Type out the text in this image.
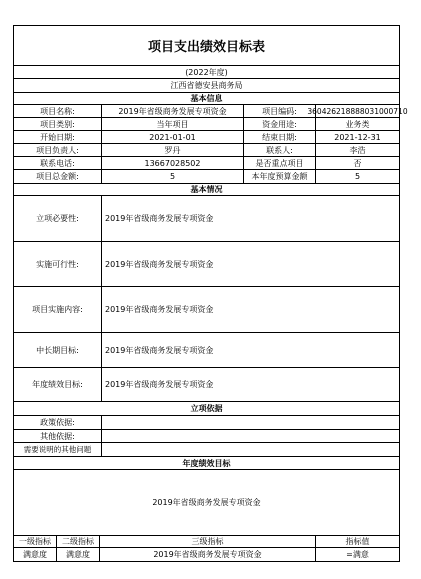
项目支出绩效目标表
(2022年度)
江西省德安县商务局
基本信息
项目名称:	2019年省级商务发展专项资金	项目编码:	360426218888031000710
项目类别:	当年项目	资金用途:	业务类
开始日期:	2021-01-01	结束日期:	2021-12-31
项目负责人:	罗丹	联系人:	李浩
联系电话:	13667028502	是否重点项目	否
项目总金额:	5	本年度预算金额	5
基本情况
立项必要性:	2019年省级商务发展专项资金
实施可行性:	2019年省级商务发展专项资金
项目实施内容:	2019年省级商务发展专项资金
中长期目标:	2019年省级商务发展专项资金
年度绩效目标:	2019年省级商务发展专项资金
立项依据
政策依据:
其他依据:
需要说明的其他问题
年度绩效目标
2019年省级商务发展专项资金
一级指标	二级指标	三级指标	指标值
满意度	满意度	2019年省级商务发展专项资金	=满意
